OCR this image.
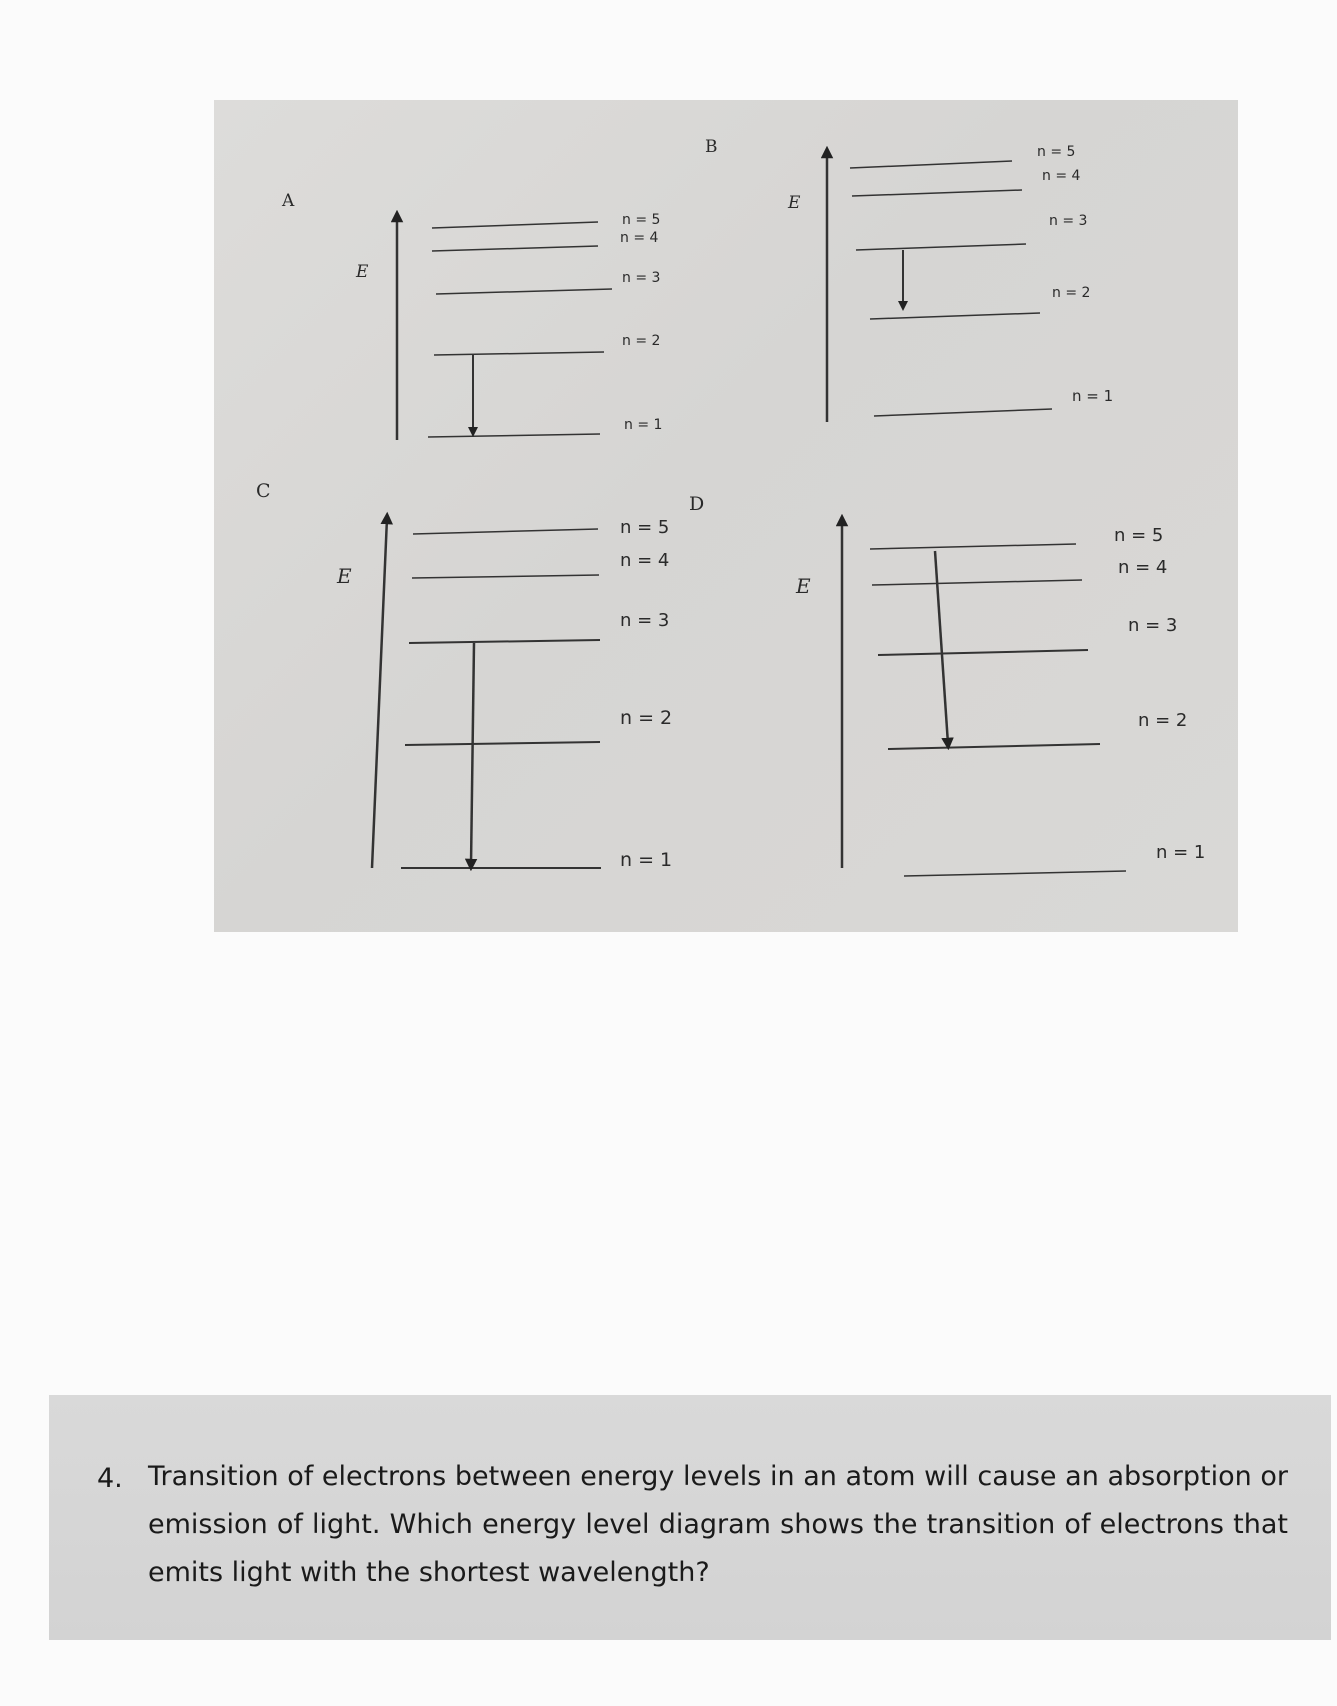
A
E
n = 5
n = 4
n = 3
n = 2
n = 1
B
E
n = 5
n = 4
n = 3
n = 2
n = 1
C
E
n = 5
n = 4
n = 3
n = 2
n = 1
D
E
n = 5
n = 4
n = 3
n = 2
n = 1
4. Transition of electrons between energy levels in an atom will cause an absorption or emission of light. Which energy level diagram shows the transition of electrons that emits light with the shortest wavelength?
